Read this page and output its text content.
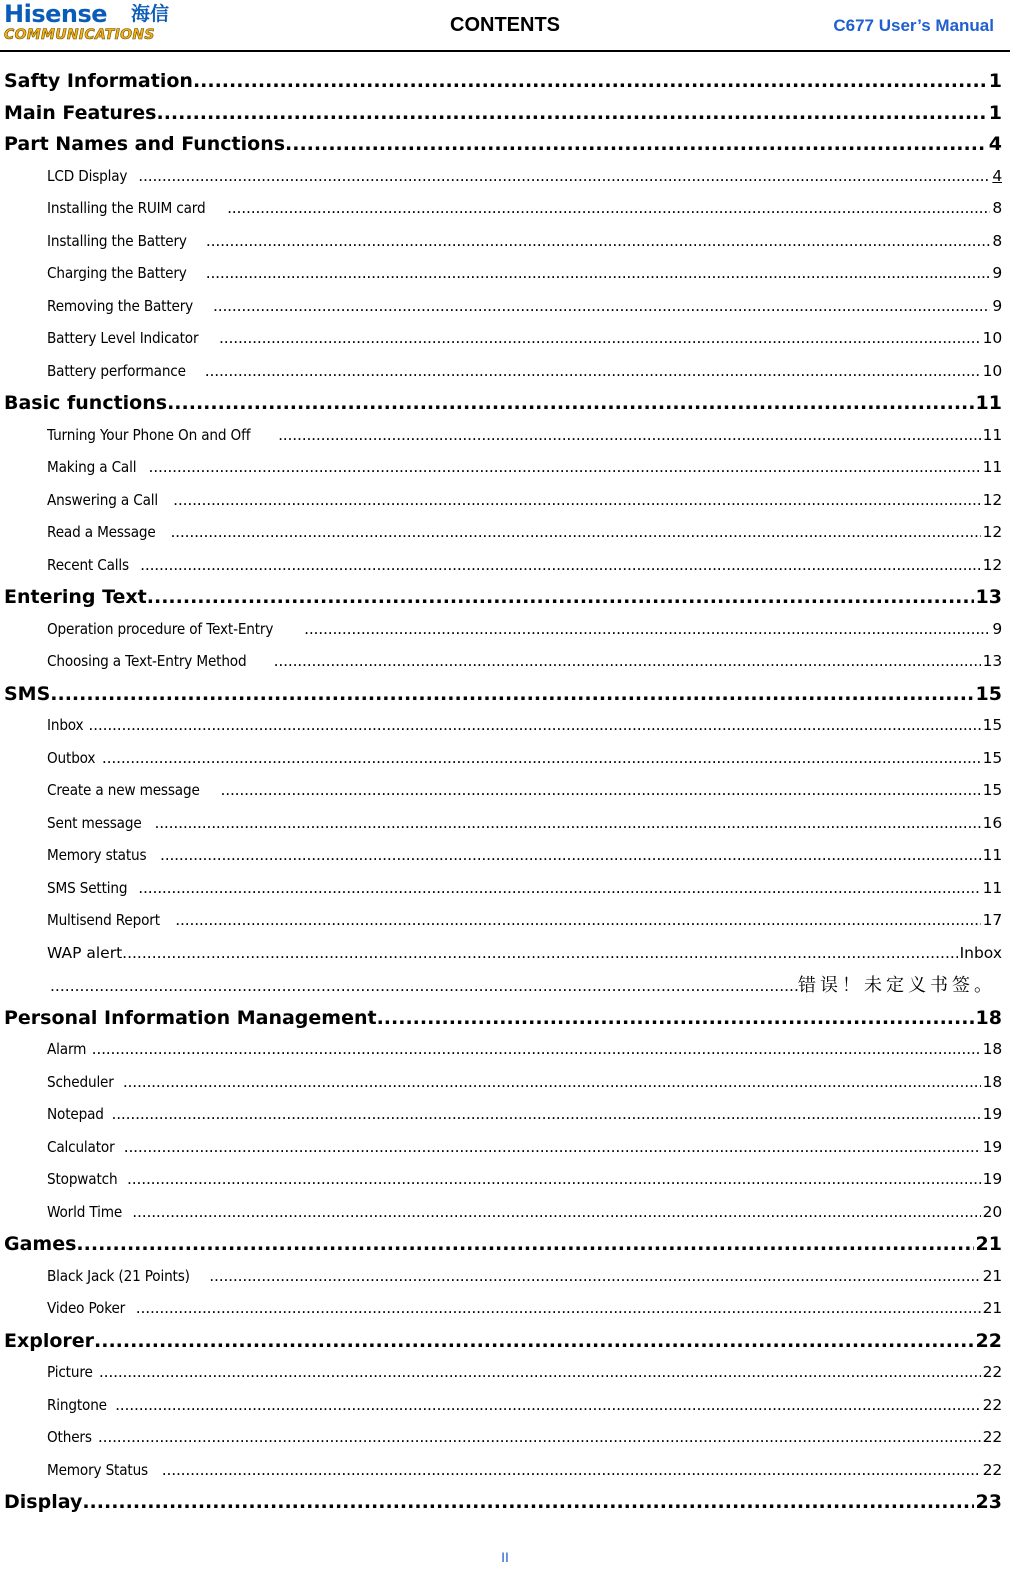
Hisense 海信
COMMUNICATIONS	CONTENTS	C677 User’s Manual
Safty Information .....	1
Main Features .....	1
Part Names and Functions .....	4
LCD Display .....	4
Installing the RUIM card .....	8
Installing the Battery .....	8
Charging the Battery .....	9
Removing the Battery .....	9
Battery Level Indicator .....	10
Battery performance .....	10
Basic functions .....	11
Turning Your Phone On and Off .....	11
Making a Call .....	11
Answering a Call .....	12
Read a Message .....	12
Recent Calls .....	12
Entering Text .....	13
Operation procedure of Text-Entry .....	9
Choosing a Text-Entry Method .....	13
SMS .....	15
Inbox .....	15
Outbox .....	15
Create a new message .....	15
Sent message .....	16
Memory status .....	11
SMS Setting .....	11
Multisend Report .....	17
WAP alert .....	Inbox
.....
错误！未定义书签。
Personal Information Management .....	18
Alarm .....	18
Scheduler .....	18
Notepad .....	19
Calculator .....	19
Stopwatch .....	19
World Time .....	20
Games .....	21
Black Jack (21 Points) .....	21
Video Poker .....	21
Explorer .....	22
Picture .....	22
Ringtone .....	22
Others .....	22
Memory Status .....	22
Display .....	23
II
